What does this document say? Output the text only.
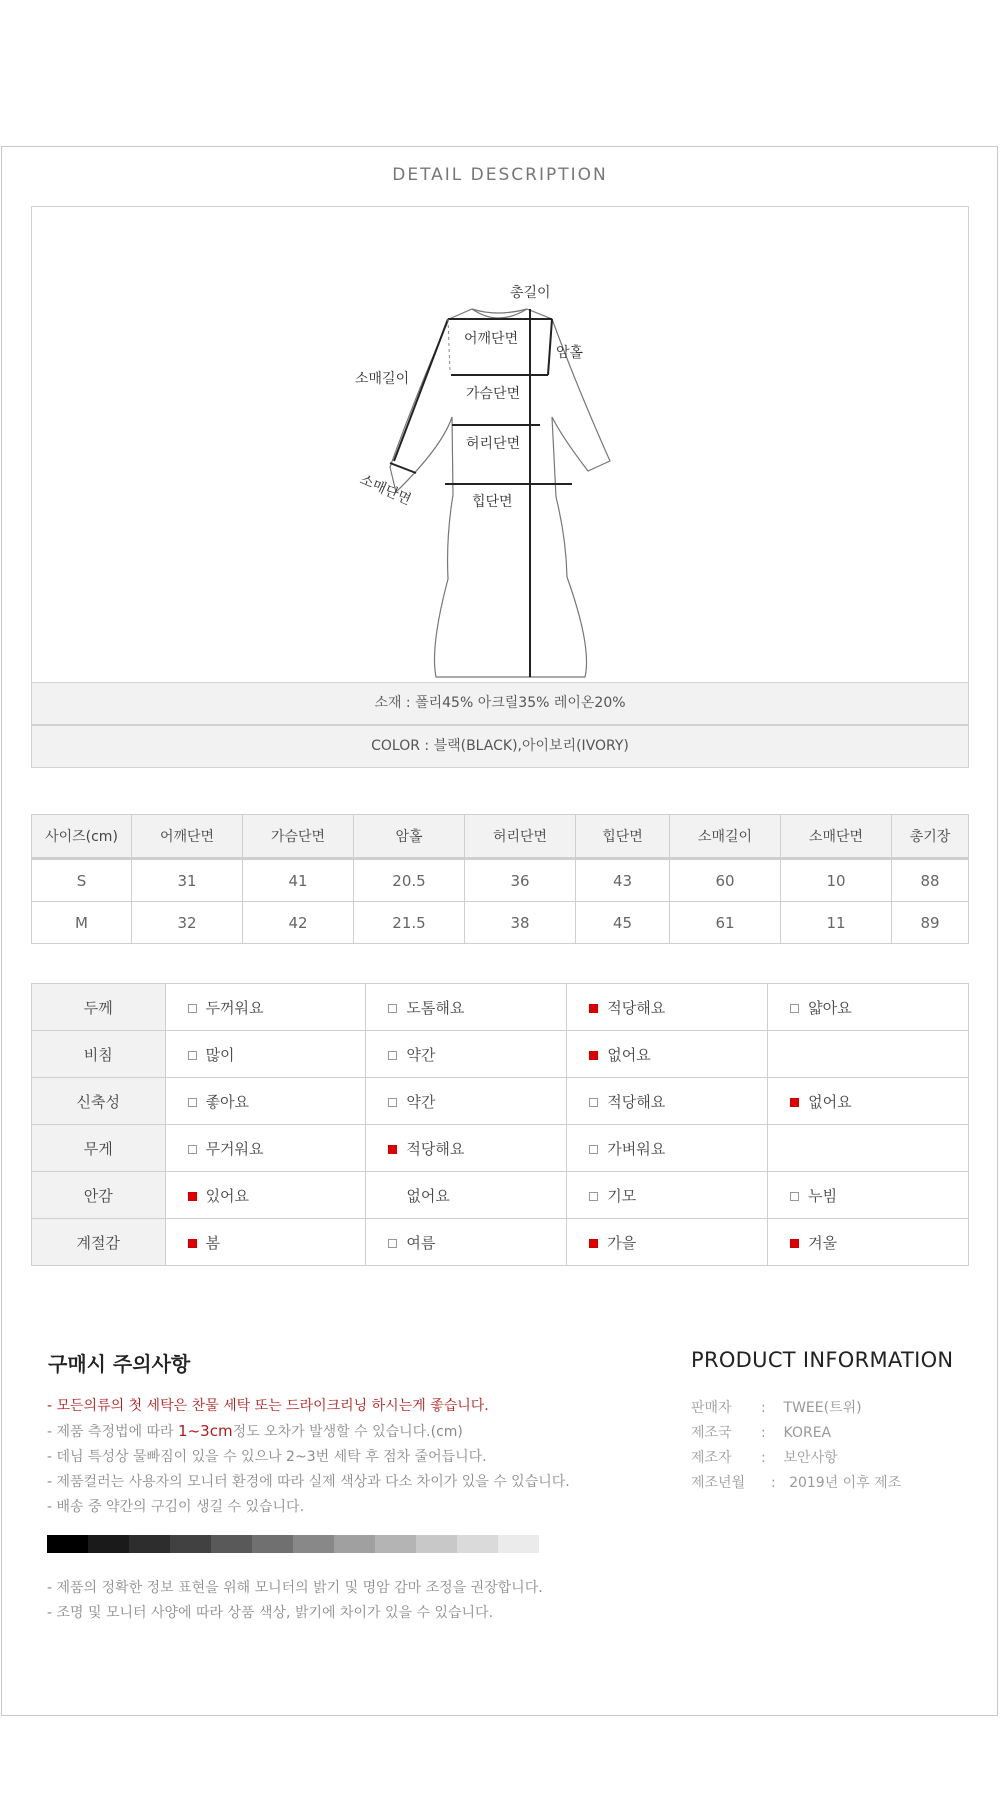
DETAIL DESCRIPTION
총길이
어깨단면
암홀
소매길이
가슴단면
허리단면
소매단면	힙단면
소재 : 폴리45% 아크릴35% 레이온20%
COLOR : 블랙(BLACK),아이보리(IVORY)
사이즈(cm)	어깨단면	가슴단면	암홀	허리단면	힙단면	소매길이	소매단면	총기장
S	31	41	20.5	36	43	60	10	88
M	32	42	21.5	38	45	61	11	89
두께	두꺼워요	도톰해요	적당해요	얇아요
비침	많이	약간	없어요	
신축성	좋아요	약간	적당해요	없어요
무게	무거워요	적당해요	가벼워요	
안감	있어요	없어요	기모	누빔
계절감	봄	여름	가을	겨울
구매시 주의사항
- 모든의류의 첫 세탁은 찬물 세탁 또는 드라이크리닝 하시는게 좋습니다.
- 제품 측정법에 따라 1~3cm정도 오차가 발생할 수 있습니다.(cm)
- 데님 특성상 물빠짐이 있을 수 있으나 2~3번 세탁 후 점차 줄어듭니다.
- 제품컬러는 사용자의 모니터 환경에 따라 실제 색상과 다소 차이가 있을 수 있습니다.
- 배송 중 약간의 구김이 생길 수 있습니다.
- 제품의 정확한 정보 표현을 위해 모니터의 밝기 및 명암 감마 조정을 권장합니다.
- 조명 및 모니터 사양에 따라 상품 색상, 밝기에 차이가 있을 수 있습니다.
PRODUCT INFORMATION
판매자 : TWEE(트위)
제조국 : KOREA
제조자 : 보안사항
제조년월 : 2019년 이후 제조
